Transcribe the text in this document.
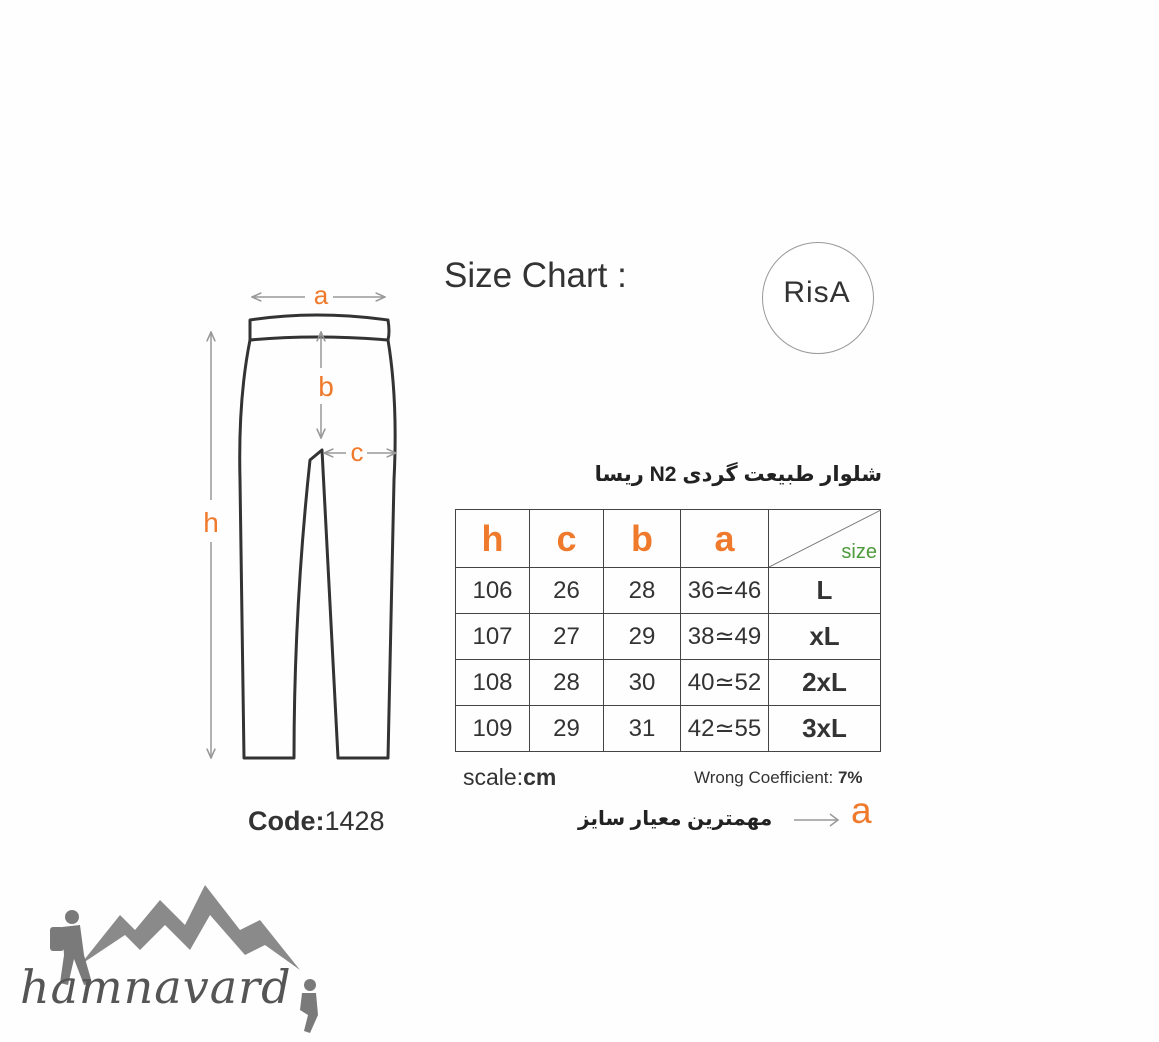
Size Chart :	RisA
a
b
c
h
شلوار طبیعت گردی N2 ریسا
h	c	b	a	size

106	26	28	36≃46	L
107	27	29	38≃49	xL
108	28	30	40≃52	2xL
109	29	31	42≃55	3xL
scale:cm	Wrong Coefficient: 7%
Code:1428	مهمترین معیار سایز a
hamnavard
